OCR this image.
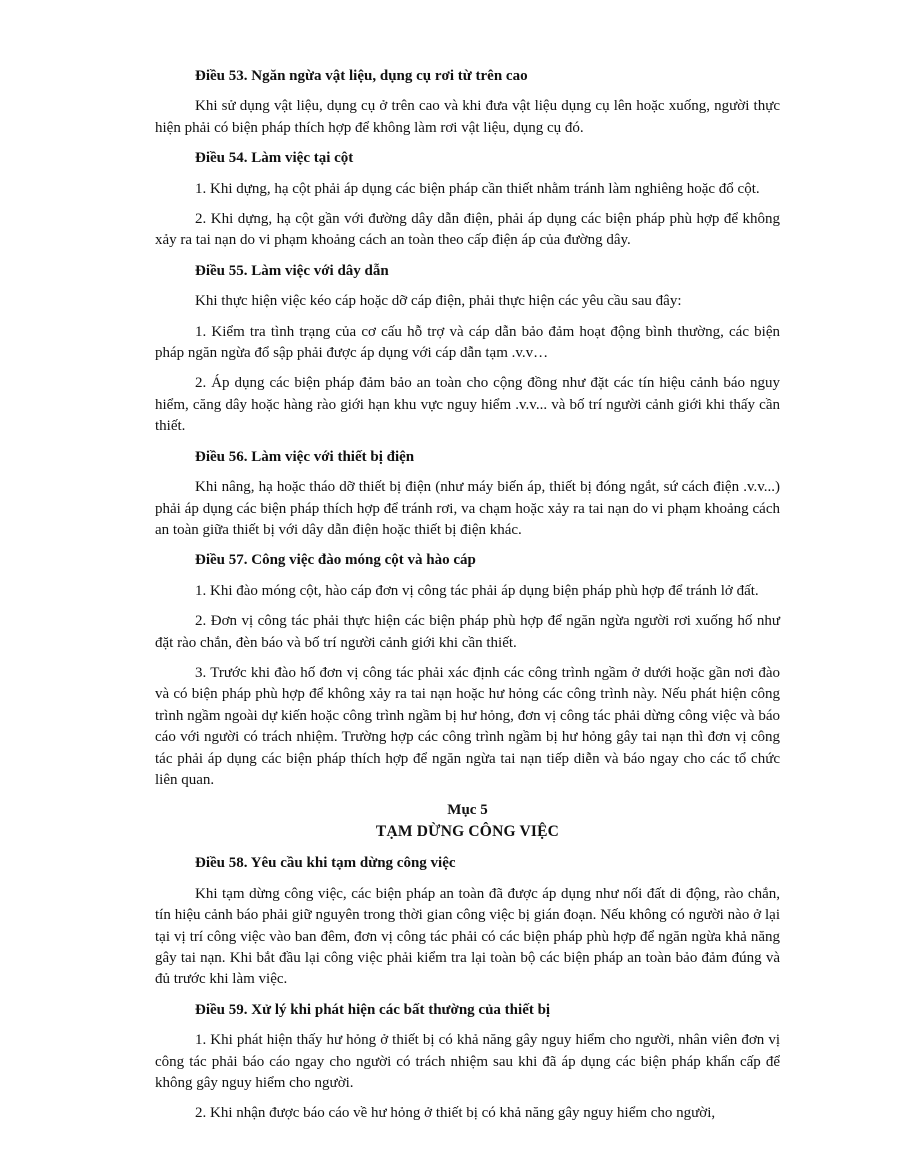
Điều 53. Ngăn ngừa vật liệu, dụng cụ rơi từ trên cao

Khi sử dụng vật liệu, dụng cụ ở trên cao và khi đưa vật liệu dụng cụ lên hoặc xuống, người thực hiện phải có biện pháp thích hợp để không làm rơi vật liệu, dụng cụ đó.

Điều 54. Làm việc tại cột

1. Khi dựng, hạ cột phải áp dụng các biện pháp cần thiết nhằm tránh làm nghiêng hoặc đổ cột.

2. Khi dựng, hạ cột gần với đường dây dẫn điện, phải áp dụng các biện pháp phù hợp để không xảy ra tai nạn do vi phạm khoảng cách an toàn theo cấp điện áp của đường dây.

Điều 55. Làm việc với dây dẫn

Khi thực hiện việc kéo cáp hoặc dỡ cáp điện, phải thực hiện các yêu cầu sau đây:

1. Kiểm tra tình trạng của cơ cấu hỗ trợ và cáp dẫn bảo đảm hoạt động bình thường, các biện pháp ngăn ngừa đổ sập phải được áp dụng với cáp dẫn tạm .v.v…

2. Áp dụng các biện pháp đảm bảo an toàn cho cộng đồng như đặt các tín hiệu cảnh báo nguy hiểm, căng dây hoặc hàng rào giới hạn khu vực nguy hiểm .v.v... và bố trí người cảnh giới khi thấy cần thiết.

Điều 56. Làm việc với thiết bị điện

Khi nâng, hạ hoặc tháo dỡ thiết bị điện (như máy biến áp, thiết bị đóng ngắt, sứ cách điện .v.v...) phải áp dụng các biện pháp thích hợp để tránh rơi, va chạm hoặc xảy ra tai nạn do vi phạm khoảng cách an toàn giữa thiết bị với dây dẫn điện hoặc thiết bị điện khác.

Điều 57. Công việc đào móng cột và hào cáp

1. Khi đào móng cột, hào cáp đơn vị công tác phải áp dụng biện pháp phù hợp để tránh lở đất.

2. Đơn vị công tác phải thực hiện các biện pháp phù hợp để ngăn ngừa người rơi xuống hố như đặt rào chắn, đèn báo và bố trí người cảnh giới khi cần thiết.

3. Trước khi đào hố đơn vị công tác phải xác định các công trình ngầm ở dưới hoặc gần nơi đào và có biện pháp phù hợp để không xảy ra tai nạn hoặc hư hỏng các công trình này. Nếu phát hiện công trình ngầm ngoài dự kiến hoặc công trình ngầm bị hư hỏng, đơn vị công tác phải dừng công việc và báo cáo với người có trách nhiệm. Trường hợp các công trình ngầm bị hư hỏng gây tai nạn thì đơn vị công tác phải áp dụng các biện pháp thích hợp để ngăn ngừa tai nạn tiếp diễn và báo ngay cho các tổ chức liên quan.

Mục 5
TẠM DỪNG CÔNG VIỆC
Điều 58. Yêu cầu khi tạm dừng công việc

Khi tạm dừng công việc, các biện pháp an toàn đã được áp dụng như nối đất di động, rào chắn, tín hiệu cảnh báo phải giữ nguyên trong thời gian công việc bị gián đoạn. Nếu không có người nào ở lại tại vị trí công việc vào ban đêm, đơn vị công tác phải có các biện pháp phù hợp để ngăn ngừa khả năng gây tai nạn. Khi bắt đầu lại công việc phải kiểm tra lại toàn bộ các biện pháp an toàn bảo đảm đúng và đủ trước khi làm việc.

Điều 59. Xử lý khi phát hiện các bất thường của thiết bị

1. Khi phát hiện thấy hư hỏng ở thiết bị có khả năng gây nguy hiểm cho người, nhân viên đơn vị công tác phải báo cáo ngay cho người có trách nhiệm sau khi đã áp dụng các biện pháp khẩn cấp để không gây nguy hiểm cho người.

2. Khi nhận được báo cáo về hư hỏng ở thiết bị có khả năng gây nguy hiểm cho người,
